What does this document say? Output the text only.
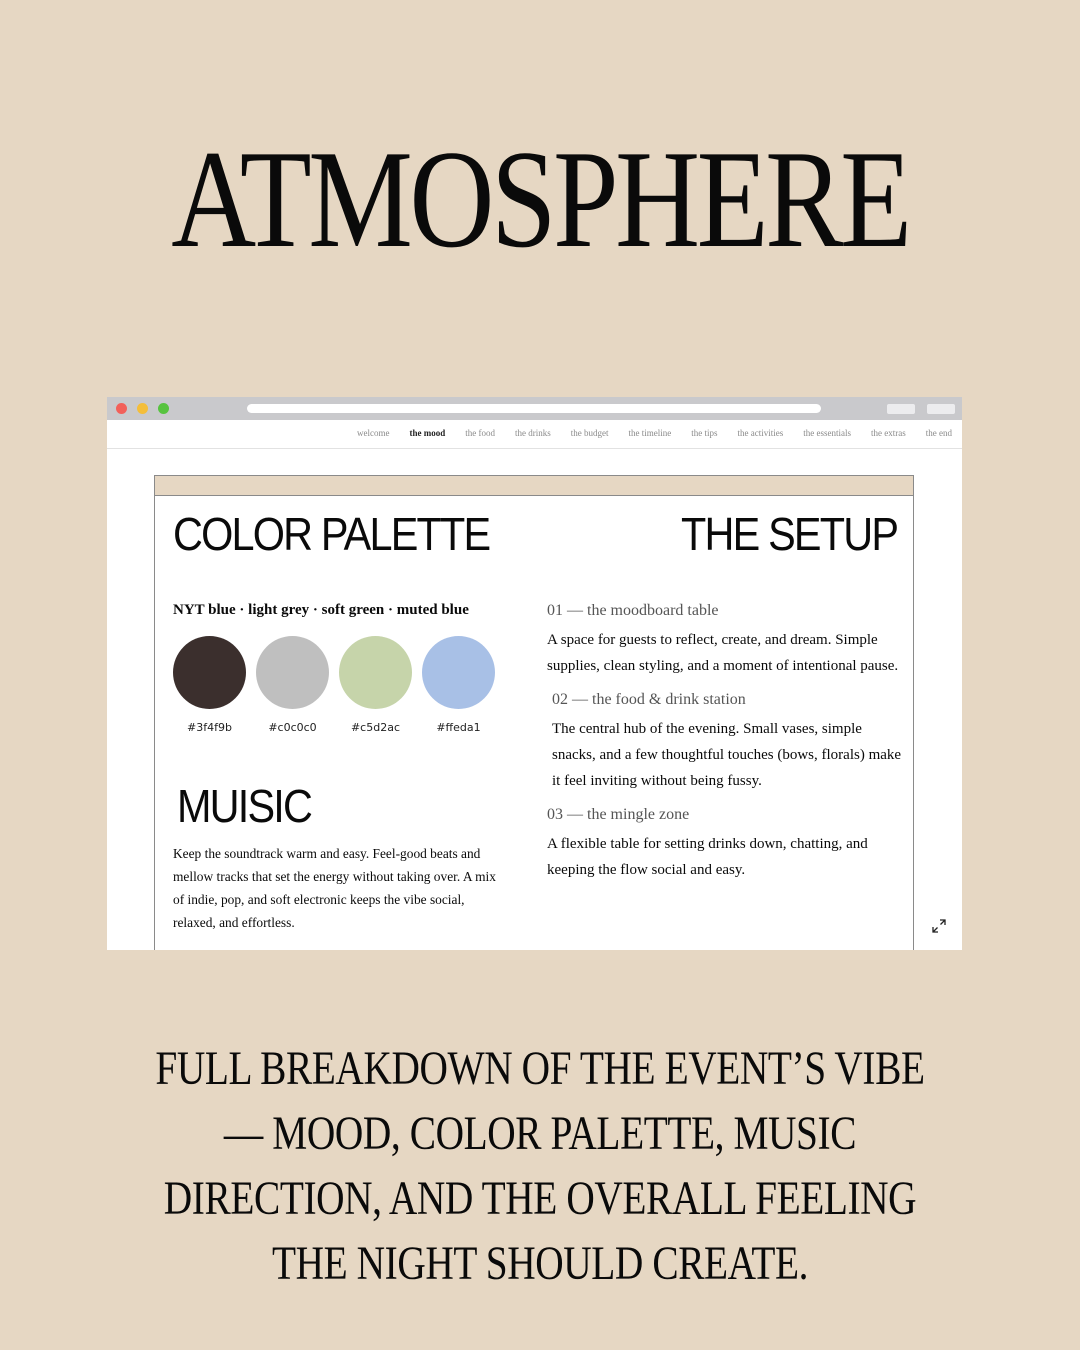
ATMOSPHERE
welcome the mood the food the drinks the budget the timeline the tips the activities the essentials the extras the end
COLOR PALETTE	THE SETUP
NYT blue · light grey · soft green · muted blue
#3f4f9b	#c0c0c0	#c5d2ac	#ffeda1
MUISIC
Keep the soundtrack warm and easy. Feel-good beats and mellow tracks that set the energy without taking over. A mix of indie, pop, and soft electronic keeps the vibe social, relaxed, and effortless.
01 — the moodboard table
A space for guests to reflect, create, and dream. Simple supplies, clean styling, and a moment of intentional pause.
02 — the food & drink station
The central hub of the evening. Small vases, simple snacks, and a few thoughtful touches (bows, florals) make it feel inviting without being fussy.
03 — the mingle zone
A flexible table for setting drinks down, chatting, and keeping the flow social and easy.
FULL BREAKDOWN OF THE EVENT’S VIBE — MOOD, COLOR PALETTE, MUSIC DIRECTION, AND THE OVERALL FEELING THE NIGHT SHOULD CREATE.
